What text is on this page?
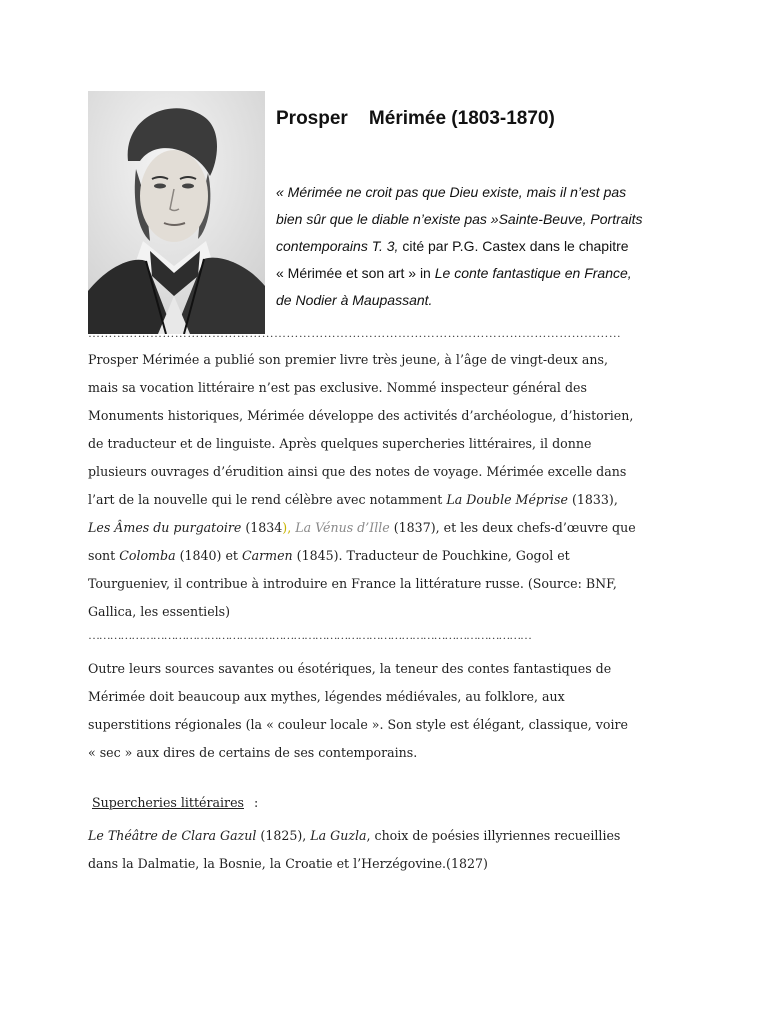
Prosper    Mérimée (1803-1870)
« Mérimée ne croit pas que Dieu existe, mais il n’est pas
bien sûr que le diable n’existe pas »Sainte-Beuve, Portraits
contemporains T. 3, cité par P.G. Castex dans le chapitre
« Mérimée et son art » in Le conte fantastique en France,
de Nodier à Maupassant.

…………………………………………………………………………………………………………………

Prosper Mérimée a publié son premier livre très jeune, à l’âge de vingt-deux ans,
mais sa vocation littéraire n’est pas exclusive. Nommé inspecteur général des
Monuments historiques, Mérimée développe des activités d’archéologue, d’historien,
de traducteur et de linguiste. Après quelques supercheries littéraires, il donne
plusieurs ouvrages d’érudition ainsi que des notes de voyage. Mérimée excelle dans
l’art de la nouvelle qui le rend célèbre avec notamment La Double Méprise (1833),
Les Âmes du purgatoire (1834), La Vénus d’Ille (1837), et les deux chefs-d’œuvre que
sont Colomba (1840) et Carmen (1845). Traducteur de Pouchkine, Gogol et
Tourgueniev, il contribue à introduire en France la littérature russe. (Source: BNF,
Gallica, les essentiels)

……………………………………………………………………………………………………………

Outre leurs sources savantes ou ésotériques, la teneur des contes fantastiques de
Mérimée doit beaucoup aux mythes, légendes médiévales, au folklore, aux
superstitions régionales (la « couleur locale ». Son style est élégant, classique, voire
« sec » aux dires de certains de ses contemporains.

Supercheries littéraires :

Le Théâtre de Clara Gazul (1825), La Guzla, choix de poésies illyriennes recueillies
dans la Dalmatie, la Bosnie, la Croatie et l’Herzégovine.(1827)
